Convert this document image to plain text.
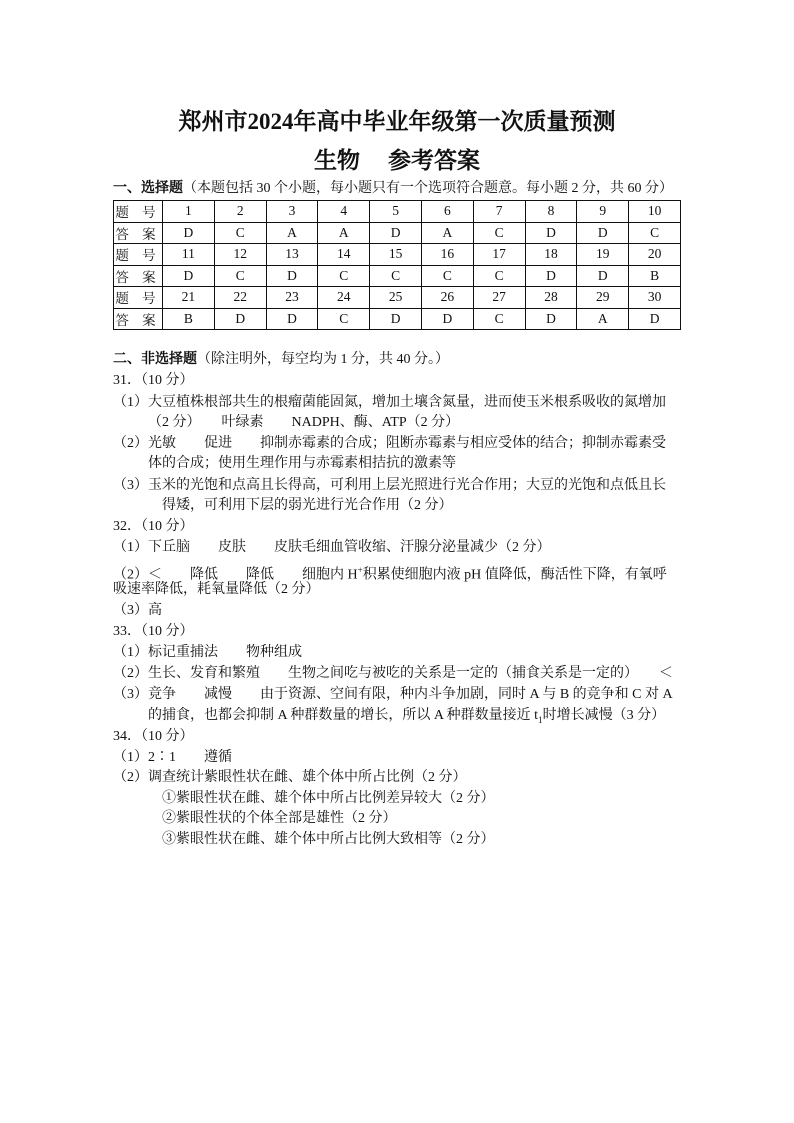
郑州市2024年高中毕业年级第一次质量预测
生物 参考答案
一、选择题（本题包括 30 个小题，每小题只有一个选项符合题意。每小题 2 分，共 60 分）
题 号	1	2	3	4	5	6	7	8	9	10
答 案	D	C	A	A	D	A	C	D	D	C
题 号	11	12	13	14	15	16	17	18	19	20
答 案	D	C	D	C	C	C	C	D	D	B
题 号	21	22	23	24	25	26	27	28	29	30
答 案	B	D	D	C	D	D	C	D	A	D
二、非选择题（除注明外，每空均为 1 分，共 40 分。）
31．（10 分）
（1）大豆植株根部共生的根瘤菌能固氮，增加土壤含氮量，进而使玉米根系吸收的氮增加
（2 分）　　叶绿素　　NADPH、酶、ATP（2 分）
（2）光敏　　促进　　抑制赤霉素的合成；阻断赤霉素与相应受体的结合；抑制赤霉素受
体的合成；使用生理作用与赤霉素相拮抗的激素等
（3）玉米的光饱和点高且长得高，可利用上层光照进行光合作用；大豆的光饱和点低且长
得矮，可利用下层的弱光进行光合作用（2 分）
32．（10 分）
（1）下丘脑　　皮肤　　皮肤毛细血管收缩、汗腺分泌量减少（2 分）
（2）＜　　降低　　降低　　细胞内 H+积累使细胞内液 pH 值降低，酶活性下降，有氧呼
吸速率降低，耗氧量降低（2 分）
（3）高
33．（10 分）
（1）标记重捕法　　物种组成
（2）生长、发育和繁殖　　生物之间吃与被吃的关系是一定的（捕食关系是一定的）　　＜
（3）竞争　　减慢　　由于资源、空间有限，种内斗争加剧，同时 A 与 B 的竞争和 C 对 A
的捕食，也都会抑制 A 种群数量的增长，所以 A 种群数量接近 $t_1$时增长减慢（3 分）
34．（10 分）
（1）2∶1　　遵循
（2）调查统计紫眼性状在雌、雄个体中所占比例（2 分）
①紫眼性状在雌、雄个体中所占比例差异较大（2 分）
②紫眼性状的个体全部是雄性（2 分）
③紫眼性状在雌、雄个体中所占比例大致相等（2 分）
